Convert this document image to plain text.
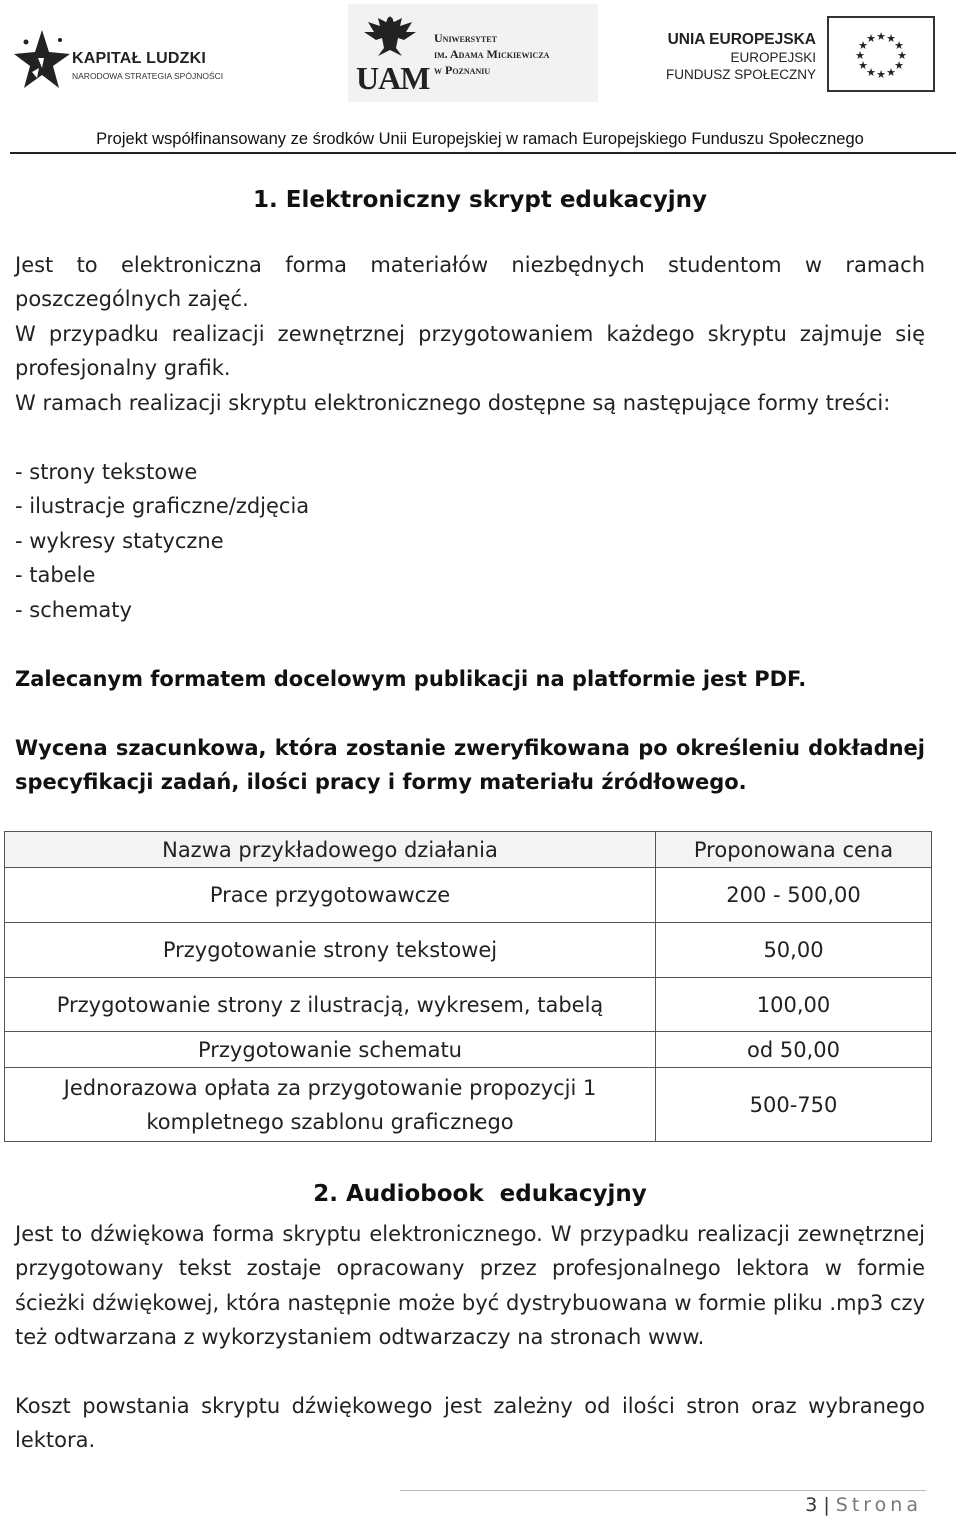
KAPITAŁ LUDZKI
NARODOWA STRATEGIA SPÓJNOŚCI	UAM
Uniwersytet
im. Adama Mickiewicza
w Poznaniu
UNIA EUROPEJSKA
EUROPEJSKI
FUNDUSZ SPOŁECZNY
★ ★
★
★
★
★
★
★
★
★
★
★
Projekt współfinansowany ze środków Unii Europejskiej w ramach Europejskiego Funduszu Społecznego
1. Elektroniczny skrypt edukacyjny
Jest to elektroniczna forma materiałów niezbędnych studentom w ramach poszczególnych zajęć.
W przypadku realizacji zewnętrznej przygotowaniem każdego skryptu zajmuje się profesjonalny grafik.
W ramach realizacji skryptu elektronicznego dostępne są następujące formy treści:
- strony tekstowe
- ilustracje graficzne/zdjęcia
- wykresy statyczne
- tabele
- schematy
Zalecanym formatem docelowym publikacji na platformie jest PDF.
Wycena szacunkowa, która zostanie zweryfikowana po określeniu dokładnej specyfikacji zadań, ilości pracy i formy materiału źródłowego.
Nazwa przykładowego działania	Proponowana cena
Prace przygotowawcze	200 - 500,00
Przygotowanie strony tekstowej	50,00
Przygotowanie strony z ilustracją, wykresem, tabelą	100,00
Przygotowanie schematu	od 50,00
Jednorazowa opłata za przygotowanie propozycji 1 kompletnego szablonu graficznego	500-750
2. Audiobook  edukacyjny
Jest to dźwiękowa forma skryptu elektronicznego. W przypadku realizacji zewnętrznej przygotowany tekst zostaje opracowany przez profesjonalnego lektora w formie ścieżki dźwiękowej, która następnie może być dystrybuowana w formie pliku .mp3 czy też odtwarzana z wykorzystaniem odtwarzaczy na stronach www.
Koszt powstania skryptu dźwiękowego jest zależny od ilości stron oraz wybranego lektora.
3 | Strona
